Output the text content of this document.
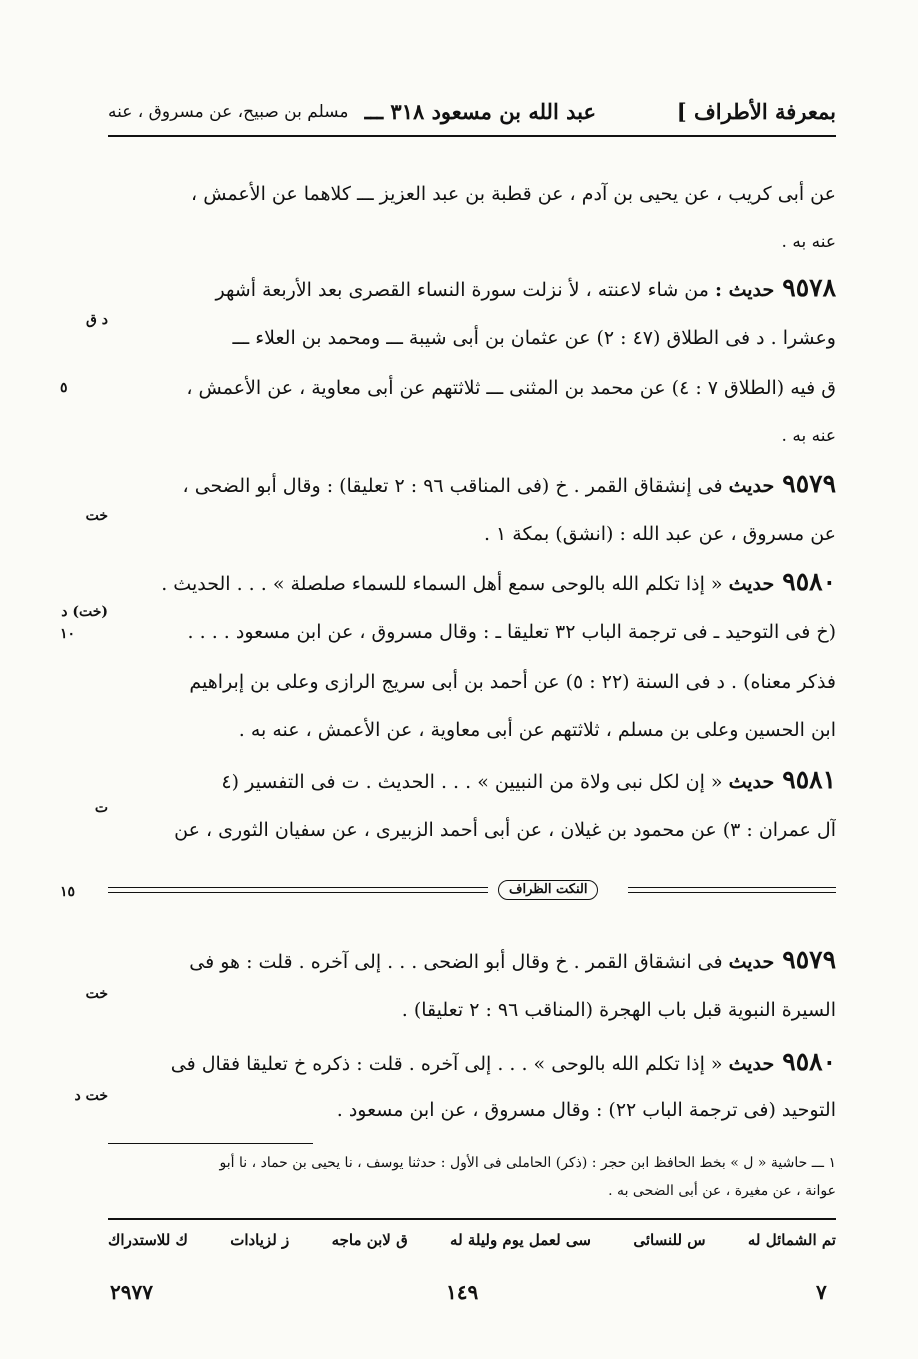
بمعرفة الأطراف ]
عبد الله بن مسعود ٣١٨ ـــ
مسلم بن صبيح، عن مسروق ، عنه
عن أبى كريب ، عن يحيى بن آدم ، عن قطبة بن عبد العزيز ـــ كلاهما عن الأعمش ،
عنه به .
٩٥٧٨حديث : من شاء لاعنته ، لأ نزلت سورة النساء القصرى بعد الأربعة أشهر
د ق
وعشرا . د فى الطلاق (٤٧ : ٢) عن عثمان بن أبى شيبة ـــ ومحمد بن العلاء ـــ
ق فيه (الطلاق ٧ : ٤) عن محمد بن المثنى ـــ ثلاثتهم عن أبى معاوية ، عن الأعمش ،
٥
عنه به .
٩٥٧٩حديث فى إنشقاق القمر . خ (فى المناقب ٩٦ : ٢ تعليقا) : وقال أبو الضحى ،
خت
عن مسروق ، عن عبد الله : (انشق) بمكة ١ .
٩٥٨٠حديث « إذا تكلم الله بالوحى سمع أهل السماء للسماء صلصلة » . . . الحديث .
(خت) د
(خ فى التوحيد ـ فى ترجمة الباب ٣٢ تعليقا ـ : وقال مسروق ، عن ابن مسعود . . . .
١٠
فذكر معناه) . د فى السنة (٢٢ : ٥) عن أحمد بن أبى سريج الرازى وعلى بن إبراهيم
ابن الحسين وعلى بن مسلم ، ثلاثتهم عن أبى معاوية ، عن الأعمش ، عنه به .
٩٥٨١حديث « إن لكل نبى ولاة من النبيين » . . . الحديث . ت فى التفسير (٤
ت
آل عمران : ٣) عن محمود بن غيلان ، عن أبى أحمد الزبيرى ، عن سفيان الثورى ، عن
١٥	النكت الظراف
٩٥٧٩حديث فى انشقاق القمر . خ وقال أبو الضحى . . . إلى آخره . قلت : هو فى
خت
السيرة النبوية قبل باب الهجرة (المناقب ٩٦ : ٢ تعليقا) .
٩٥٨٠حديث « إذا تكلم الله بالوحى » . . . إلى آخره . قلت : ذكره خ تعليقا فقال فى
خت د
التوحيد (فى ترجمة الباب ٢٢) : وقال مسروق ، عن ابن مسعود .
١ ـــ حاشية « ل » بخط الحافظ ابن حجر : (ذكر) الحاملى فى الأول : حدثنا يوسف ، نا يحيى بن حماد ، نا أبو
عوانة ، عن مغيرة ، عن أبى الضحى به .
تم الشمائل له
س للنسائى
سى لعمل يوم وليلة له
ق لابن ماجه
ز لزيادات
ك للاستدراك
٢٩٧٧	١٤٩	٧
